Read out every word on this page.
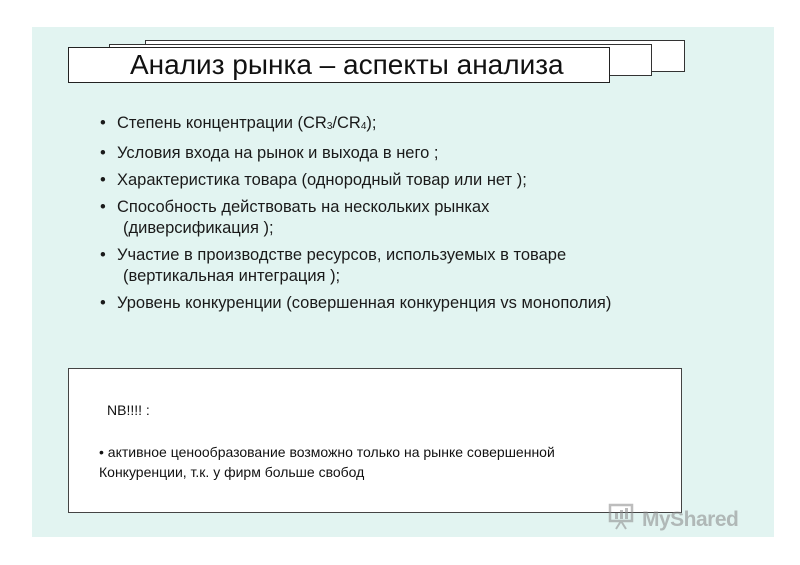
Анализ рынка – аспекты анализа
• Степень концентрации $(CR_3/CR_4)$;
• Условия входа на рынок и выхода в него ;
• Характеристика товара (однородный товар или нет );
• Способность действовать на нескольких рынках
(диверсификация );
• Участие в производстве ресурсов, используемых в товаре
(вертикальная интеграция );
• Уровень конкуренции (совершенная конкуренция vs монополия)
NB!!!! :
• активное ценообразование возможно только на рынке совершенной
Конкуренции, т.к. у фирм больше свобод
MyShared
